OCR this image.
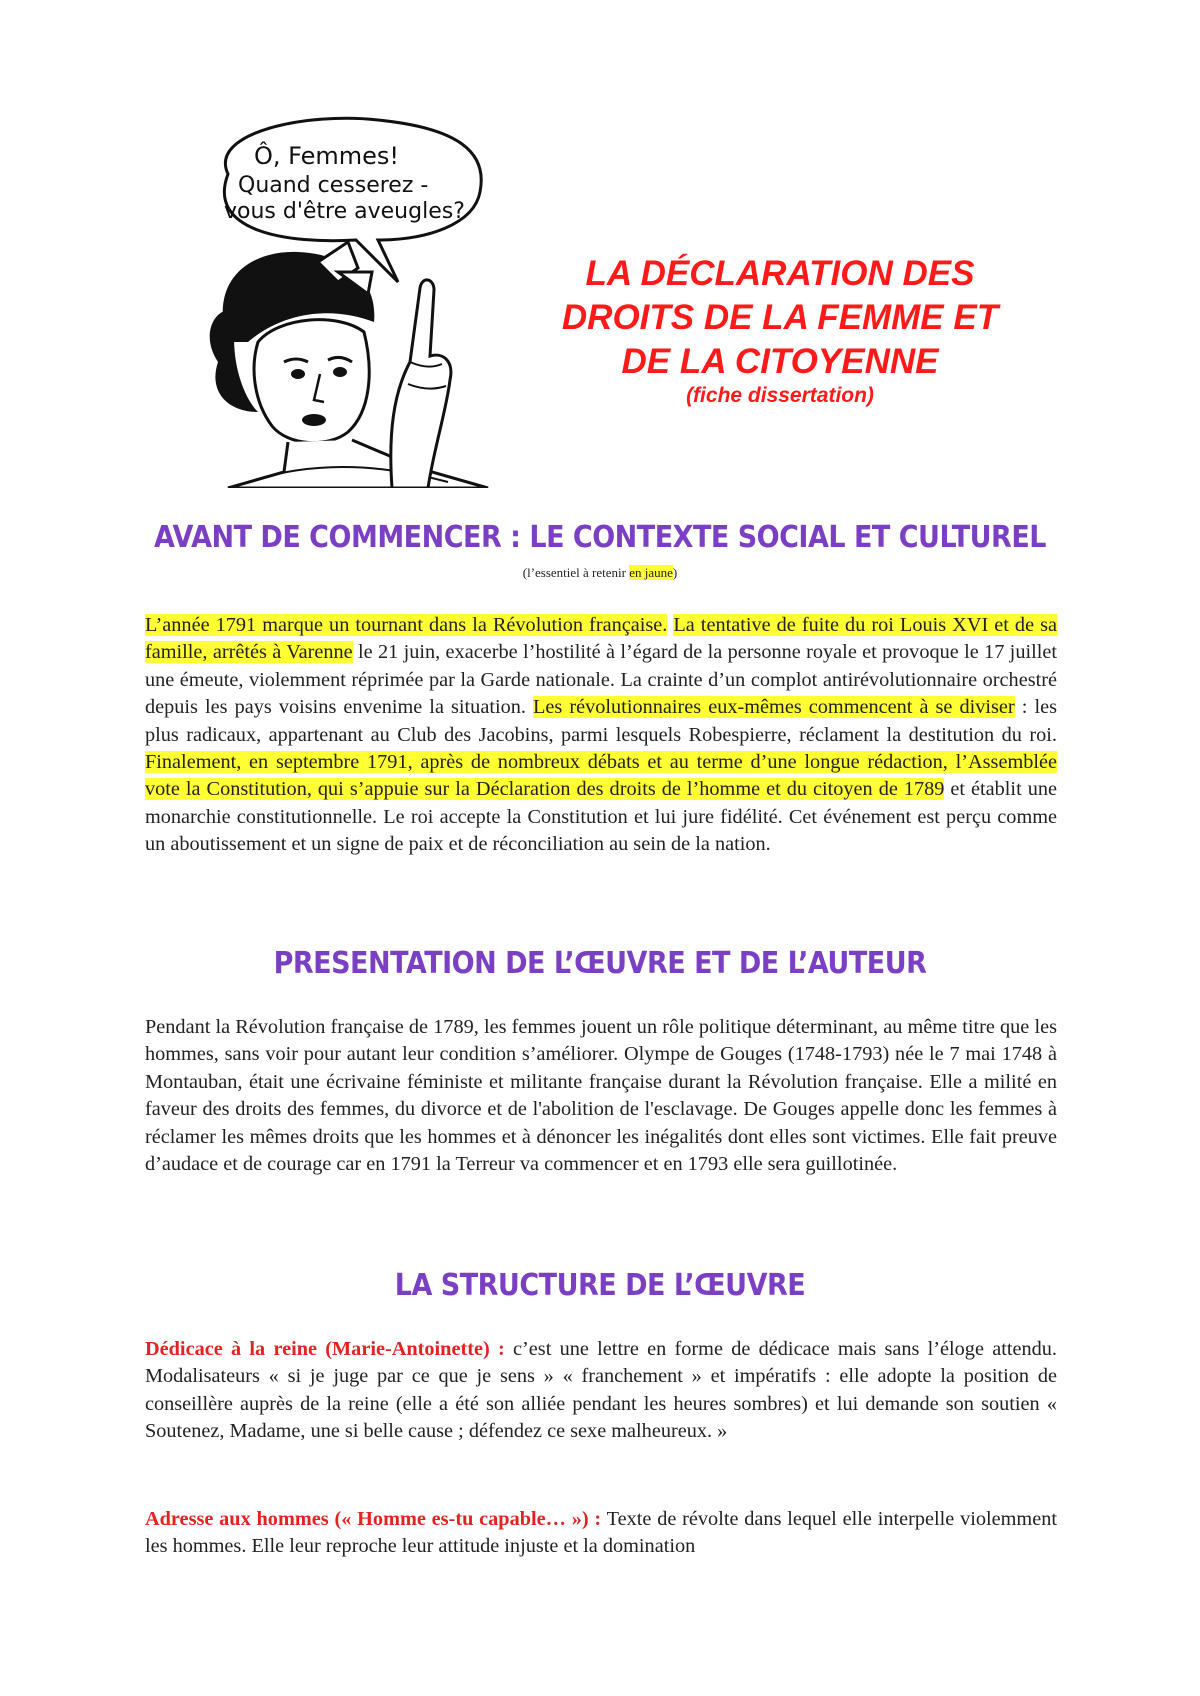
Ô, Femmes!
Quand cesserez -
vous d'être aveugles?

LA DÉCLARATION DES

DROITS DE LA FEMME ET

DE LA CITOYENNE

(fiche dissertation)
AVANT DE COMMENCER : LE CONTEXTE SOCIAL ET CULTUREL
(l’essentiel à retenir en jaune)

L’année 1791 marque un tournant dans la Révolution française. La tentative de fuite du roi Louis XVI et de sa famille, arrêtés à Varenne le 21 juin, exacerbe l’hostilité à l’égard de la personne royale et provoque le 17 juillet une émeute, violemment réprimée par la Garde nationale. La crainte d’un complot antirévolutionnaire orchestré depuis les pays voisins envenime la situation. Les révolutionnaires eux-mêmes commencent à se diviser : les plus radicaux, appartenant au Club des Jacobins, parmi lesquels Robespierre, réclament la destitution du roi. Finalement, en septembre 1791, après de nombreux débats et au terme d’une longue rédaction, l’Assemblée vote la Constitution, qui s’appuie sur la Déclaration des droits de l’homme et du citoyen de 1789 et établit une monarchie constitutionnelle. Le roi accepte la Constitution et lui jure fidélité. Cet événement est perçu comme un aboutissement et un signe de paix et de réconciliation au sein de la nation.

PRESENTATION DE L’ŒUVRE ET DE L’AUTEUR

Pendant la Révolution française de 1789, les femmes jouent un rôle politique déterminant, au même titre que les hommes, sans voir pour autant leur condition s’améliorer. Olympe de Gouges (1748-1793) née le 7 mai 1748 à Montauban, était une écrivaine féministe et militante française durant la Révolution française. Elle a milité en faveur des droits des femmes, du divorce et de l'abolition de l'esclavage. De Gouges appelle donc les femmes à réclamer les mêmes droits que les hommes et à dénoncer les inégalités dont elles sont victimes. Elle fait preuve d’audace et de courage car en 1791 la Terreur va commencer et en 1793 elle sera guillotinée.

LA STRUCTURE DE L’ŒUVRE

Dédicace à la reine (Marie-Antoinette) : c’est une lettre en forme de dédicace mais sans l’éloge attendu. Modalisateurs « si je juge par ce que je sens » « franchement » et impératifs : elle adopte la position de conseillère auprès de la reine (elle a été son alliée pendant les heures sombres) et lui demande son soutien « Soutenez, Madame, une si belle cause ; défendez ce sexe malheureux. »

Adresse aux hommes (« Homme es-tu capable… ») : Texte de révolte dans lequel elle interpelle violemment les hommes. Elle leur reproche leur attitude injuste et la domination
